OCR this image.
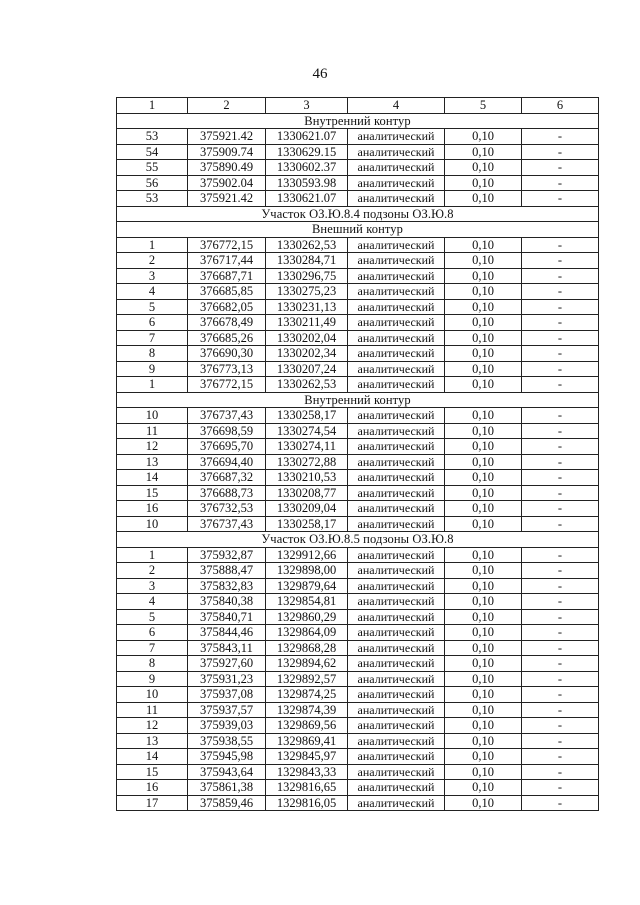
46
1	2	3	4	5	6
Внутренний контур					
53	375921.42	1330621.07	аналитический	0,10	-
54	375909.74	1330629.15	аналитический	0,10	-
55	375890.49	1330602.37	аналитический	0,10	-
56	375902.04	1330593.98	аналитический	0,10	-
53	375921.42	1330621.07	аналитический	0,10	-
Участок ОЗ.Ю.8.4 подзоны ОЗ.Ю.8					
Внешний контур					
1	376772,15	1330262,53	аналитический	0,10	-
2	376717,44	1330284,71	аналитический	0,10	-
3	376687,71	1330296,75	аналитический	0,10	-
4	376685,85	1330275,23	аналитический	0,10	-
5	376682,05	1330231,13	аналитический	0,10	-
6	376678,49	1330211,49	аналитический	0,10	-
7	376685,26	1330202,04	аналитический	0,10	-
8	376690,30	1330202,34	аналитический	0,10	-
9	376773,13	1330207,24	аналитический	0,10	-
1	376772,15	1330262,53	аналитический	0,10	-
Внутренний контур					
10	376737,43	1330258,17	аналитический	0,10	-
11	376698,59	1330274,54	аналитический	0,10	-
12	376695,70	1330274,11	аналитический	0,10	-
13	376694,40	1330272,88	аналитический	0,10	-
14	376687,32	1330210,53	аналитический	0,10	-
15	376688,73	1330208,77	аналитический	0,10	-
16	376732,53	1330209,04	аналитический	0,10	-
10	376737,43	1330258,17	аналитический	0,10	-
Участок ОЗ.Ю.8.5 подзоны ОЗ.Ю.8					
1	375932,87	1329912,66	аналитический	0,10	-
2	375888,47	1329898,00	аналитический	0,10	-
3	375832,83	1329879,64	аналитический	0,10	-
4	375840,38	1329854,81	аналитический	0,10	-
5	375840,71	1329860,29	аналитический	0,10	-
6	375844,46	1329864,09	аналитический	0,10	-
7	375843,11	1329868,28	аналитический	0,10	-
8	375927,60	1329894,62	аналитический	0,10	-
9	375931,23	1329892,57	аналитический	0,10	-
10	375937,08	1329874,25	аналитический	0,10	-
11	375937,57	1329874,39	аналитический	0,10	-
12	375939,03	1329869,56	аналитический	0,10	-
13	375938,55	1329869,41	аналитический	0,10	-
14	375945,98	1329845,97	аналитический	0,10	-
15	375943,64	1329843,33	аналитический	0,10	-
16	375861,38	1329816,65	аналитический	0,10	-
17	375859,46	1329816,05	аналитический	0,10	-
